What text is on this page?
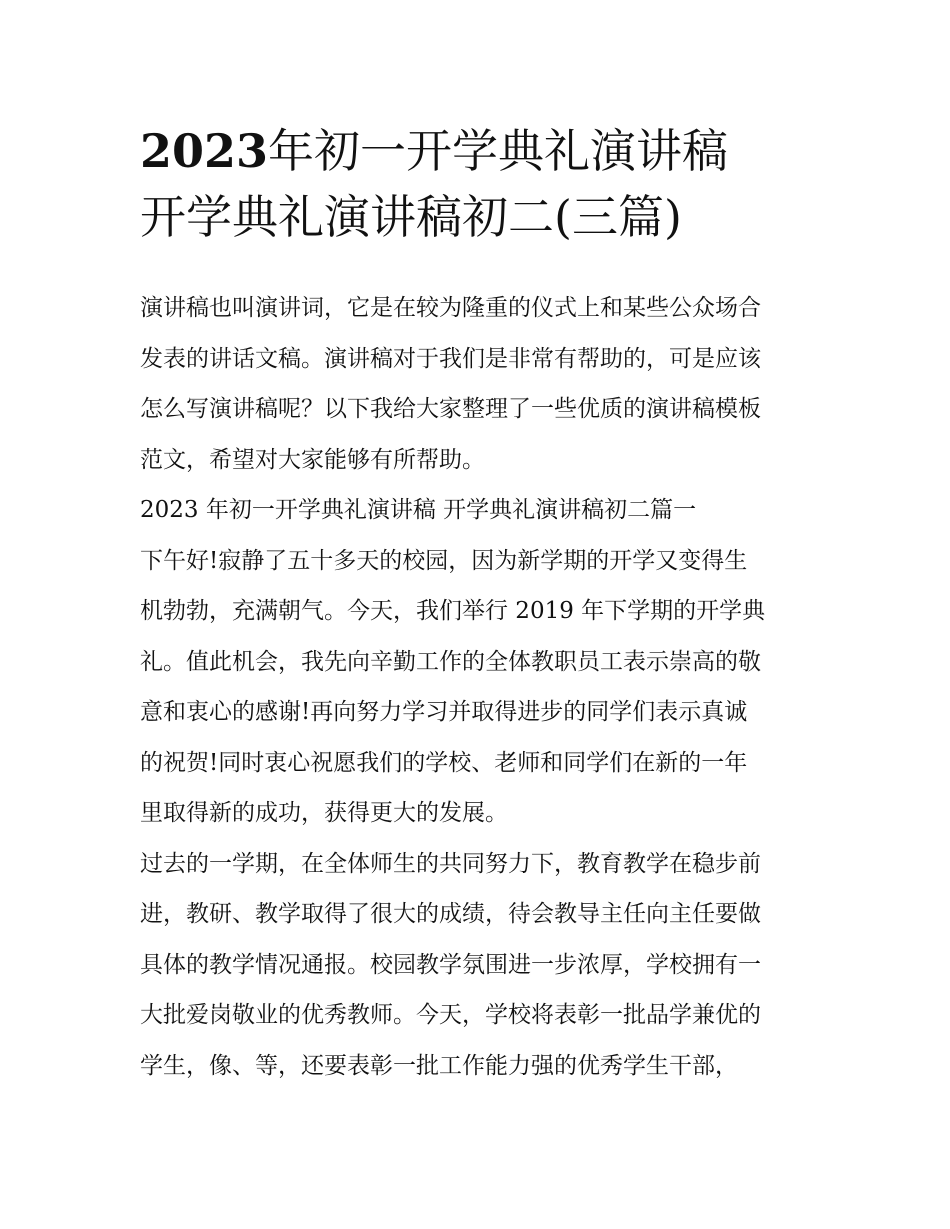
2023年初一开学典礼演讲稿
开学典礼演讲稿初二(三篇)
演讲稿也叫演讲词，它是在较为隆重的仪式上和某些公众场合
发表的讲话文稿。演讲稿对于我们是非常有帮助的，可是应该
怎么写演讲稿呢？以下我给大家整理了一些优质的演讲稿模板
范文，希望对大家能够有所帮助。
2023 年初一开学典礼演讲稿 开学典礼演讲稿初二篇一
下午好!寂静了五十多天的校园，因为新学期的开学又变得生
机勃勃，充满朝气。今天，我们举行 2019 年下学期的开学典
礼。值此机会，我先向辛勤工作的全体教职员工表示崇高的敬
意和衷心的感谢!再向努力学习并取得进步的同学们表示真诚
的祝贺!同时衷心祝愿我们的学校、老师和同学们在新的一年
里取得新的成功，获得更大的发展。
过去的一学期，在全体师生的共同努力下，教育教学在稳步前
进，教研、教学取得了很大的成绩，待会教导主任向主任要做
具体的教学情况通报。校园教学氛围进一步浓厚，学校拥有一
大批爱岗敬业的优秀教师。今天，学校将表彰一批品学兼优的
学生，像、等，还要表彰一批工作能力强的优秀学生干部，
